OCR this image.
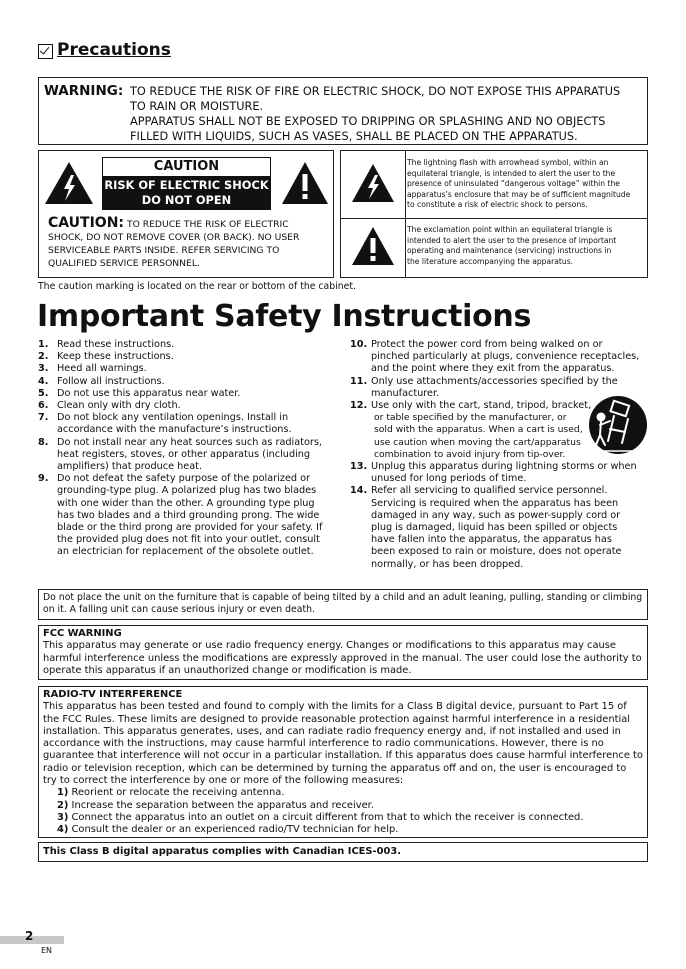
Precautions
WARNING: TO REDUCE THE RISK OF FIRE OR ELECTRIC SHOCK, DO NOT EXPOSE THIS APPARATUS
TO RAIN OR MOISTURE.
APPARATUS SHALL NOT BE EXPOSED TO DRIPPING OR SPLASHING AND NO OBJECTS
FILLED WITH LIQUIDS, SUCH AS VASES, SHALL BE PLACED ON THE APPARATUS.
CAUTION
RISK OF ELECTRIC SHOCK
DO NOT OPEN
CAUTION: TO REDUCE THE RISK OF ELECTRIC
SHOCK, DO NOT REMOVE COVER (OR BACK). NO USER
SERVICEABLE PARTS INSIDE. REFER SERVICING TO
QUALIFIED SERVICE PERSONNEL.
The lightning flash with arrowhead symbol, within an
equilateral triangle, is intended to alert the user to the
presence of uninsulated “dangerous voltage” within the
apparatus’s enclosure that may be of sufficient magnitude
to constitute a risk of electric shock to persons.
The exclamation point within an equilateral triangle is
intended to alert the user to the presence of important
operating and maintenance (servicing) instructions in
the literature accompanying the apparatus.
The caution marking is located on the rear or bottom of the cabinet.
Important Safety Instructions
1. Read these instructions.
2. Keep these instructions.
3. Heed all warnings.
4. Follow all instructions.
5. Do not use this apparatus near water.
6. Clean only with dry cloth.
7. Do not block any ventilation openings. Install in
accordance with the manufacture’s instructions.
8. Do not install near any heat sources such as radiators,
heat registers, stoves, or other apparatus (including
amplifiers) that produce heat.
9. Do not defeat the safety purpose of the polarized or
grounding-type plug. A polarized plug has two blades
with one wider than the other. A grounding type plug
has two blades and a third grounding prong. The wide
blade or the third prong are provided for your safety. If
the provided plug does not fit into your outlet, consult
an electrician for replacement of the obsolete outlet.
10. Protect the power cord from being walked on or
pinched particularly at plugs, convenience receptacles,
and the point where they exit from the apparatus.
11. Only use attachments/accessories specified by the
manufacturer.
12. Use only with the cart, stand, tripod, bracket,
or table specified by the manufacturer, or
sold with the apparatus. When a cart is used,
use caution when moving the cart/apparatus
combination to avoid injury from tip-over.
13. Unplug this apparatus during lightning storms or when
unused for long periods of time.
14. Refer all servicing to qualified service personnel.
Servicing is required when the apparatus has been
damaged in any way, such as power-supply cord or
plug is damaged, liquid has been spilled or objects
have fallen into the apparatus, the apparatus has
been exposed to rain or moisture, does not operate
normally, or has been dropped.
Do not place the unit on the furniture that is capable of being tilted by a child and an adult leaning, pulling, standing or climbing
on it. A falling unit can cause serious injury or even death.
FCC WARNING
This apparatus may generate or use radio frequency energy. Changes or modifications to this apparatus may cause
harmful interference unless the modifications are expressly approved in the manual. The user could lose the authority to
operate this apparatus if an unauthorized change or modification is made.
RADIO-TV INTERFERENCE
This apparatus has been tested and found to comply with the limits for a Class B digital device, pursuant to Part 15 of
the FCC Rules. These limits are designed to provide reasonable protection against harmful interference in a residential
installation. This apparatus generates, uses, and can radiate radio frequency energy and, if not installed and used in
accordance with the instructions, may cause harmful interference to radio communications. However, there is no
guarantee that interference will not occur in a particular installation. If this apparatus does cause harmful interference to
radio or television reception, which can be determined by turning the apparatus off and on, the user is encouraged to
try to correct the interference by one or more of the following measures:
1) Reorient or relocate the receiving antenna.
2) Increase the separation between the apparatus and receiver.
3) Connect the apparatus into an outlet on a circuit different from that to which the receiver is connected.
4) Consult the dealer or an experienced radio/TV technician for help.
This Class B digital apparatus complies with Canadian ICES-003.
2
EN
